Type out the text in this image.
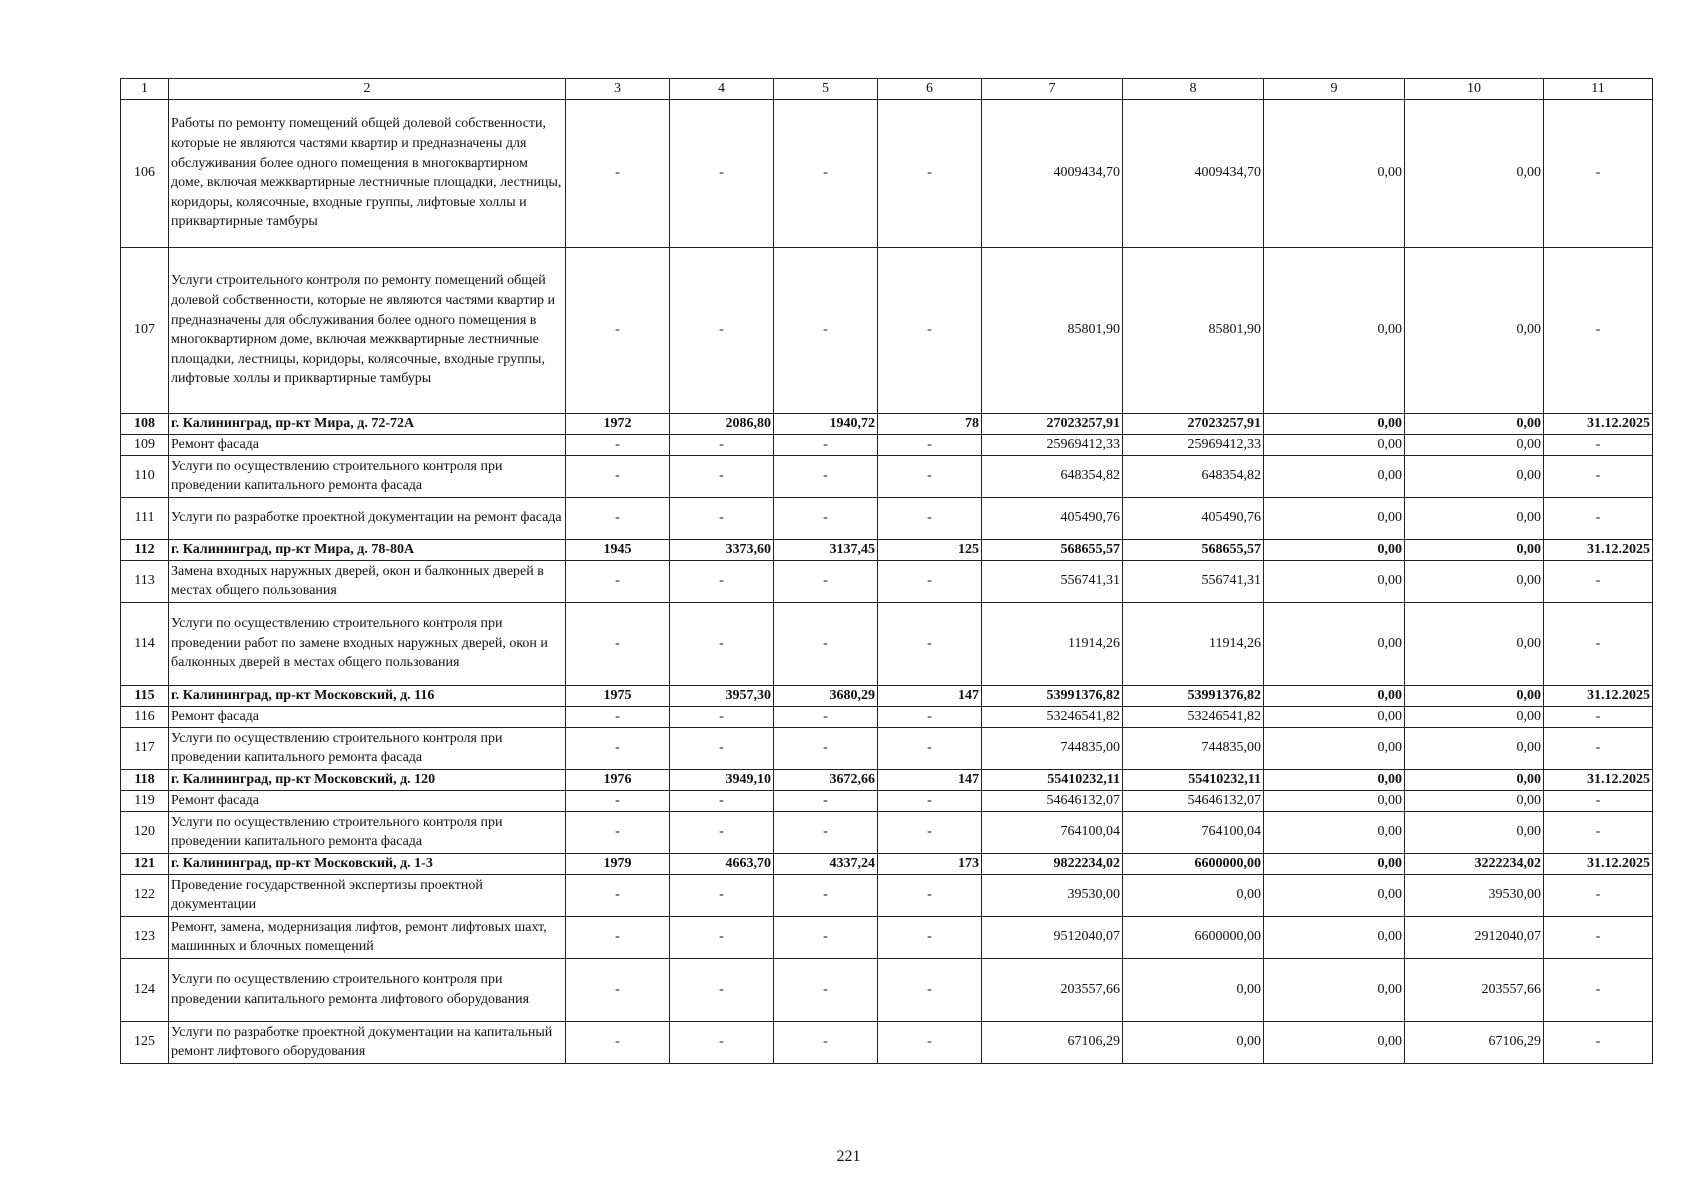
1	2	3	4	5	6	7	8	9	10	11
106	Работы по ремонту помещений общей долевой собственности, которые не являются частями квартир и предназначены для обслуживания более одного помещения в многоквартирном доме, включая межквартирные лестничные площадки, лестницы, коридоры, колясочные, входные группы, лифтовые холлы и приквартирные тамбуры	-	-	-	-	4009434,70	4009434,70	0,00	0,00	-
107	Услуги строительного контроля по ремонту помещений общей долевой собственности, которые не являются частями квартир и предназначены для обслуживания более одного помещения в многоквартирном доме, включая межквартирные лестничные площадки, лестницы, коридоры, колясочные, входные группы, лифтовые холлы и приквартирные тамбуры	-	-	-	-	85801,90	85801,90	0,00	0,00	-
108	г. Калининград, пр-кт Мира, д. 72-72А	1972	2086,80	1940,72	78	27023257,91	27023257,91	0,00	0,00	31.12.2025
109	Ремонт фасада	-	-	-	-	25969412,33	25969412,33	0,00	0,00	-
110	Услуги по осуществлению строительного контроля при проведении капитального ремонта фасада	-	-	-	-	648354,82	648354,82	0,00	0,00	-
111	Услуги по разработке проектной документации на ремонт фасада	-	-	-	-	405490,76	405490,76	0,00	0,00	-
112	г. Калининград, пр-кт Мира, д. 78-80А	1945	3373,60	3137,45	125	568655,57	568655,57	0,00	0,00	31.12.2025
113	Замена входных наружных дверей, окон и балконных дверей в местах общего пользования	-	-	-	-	556741,31	556741,31	0,00	0,00	-
114	Услуги по осуществлению строительного контроля при проведении работ по замене входных наружных дверей, окон и балконных дверей в местах общего пользования	-	-	-	-	11914,26	11914,26	0,00	0,00	-
115	г. Калининград, пр-кт Московский, д. 116	1975	3957,30	3680,29	147	53991376,82	53991376,82	0,00	0,00	31.12.2025
116	Ремонт фасада	-	-	-	-	53246541,82	53246541,82	0,00	0,00	-
117	Услуги по осуществлению строительного контроля при проведении капитального ремонта фасада	-	-	-	-	744835,00	744835,00	0,00	0,00	-
118	г. Калининград, пр-кт Московский, д. 120	1976	3949,10	3672,66	147	55410232,11	55410232,11	0,00	0,00	31.12.2025
119	Ремонт фасада	-	-	-	-	54646132,07	54646132,07	0,00	0,00	-
120	Услуги по осуществлению строительного контроля при проведении капитального ремонта фасада	-	-	-	-	764100,04	764100,04	0,00	0,00	-
121	г. Калининград, пр-кт Московский, д. 1-3	1979	4663,70	4337,24	173	9822234,02	6600000,00	0,00	3222234,02	31.12.2025
122	Проведение государственной экспертизы проектной документации	-	-	-	-	39530,00	0,00	0,00	39530,00	-
123	Ремонт, замена, модернизация лифтов, ремонт лифтовых шахт, машинных и блочных помещений	-	-	-	-	9512040,07	6600000,00	0,00	2912040,07	-
124	Услуги по осуществлению строительного контроля при проведении капитального ремонта лифтового оборудования	-	-	-	-	203557,66	0,00	0,00	203557,66	-
125	Услуги по разработке проектной документации на капитальный ремонт лифтового оборудования	-	-	-	-	67106,29	0,00	0,00	67106,29	-
221
